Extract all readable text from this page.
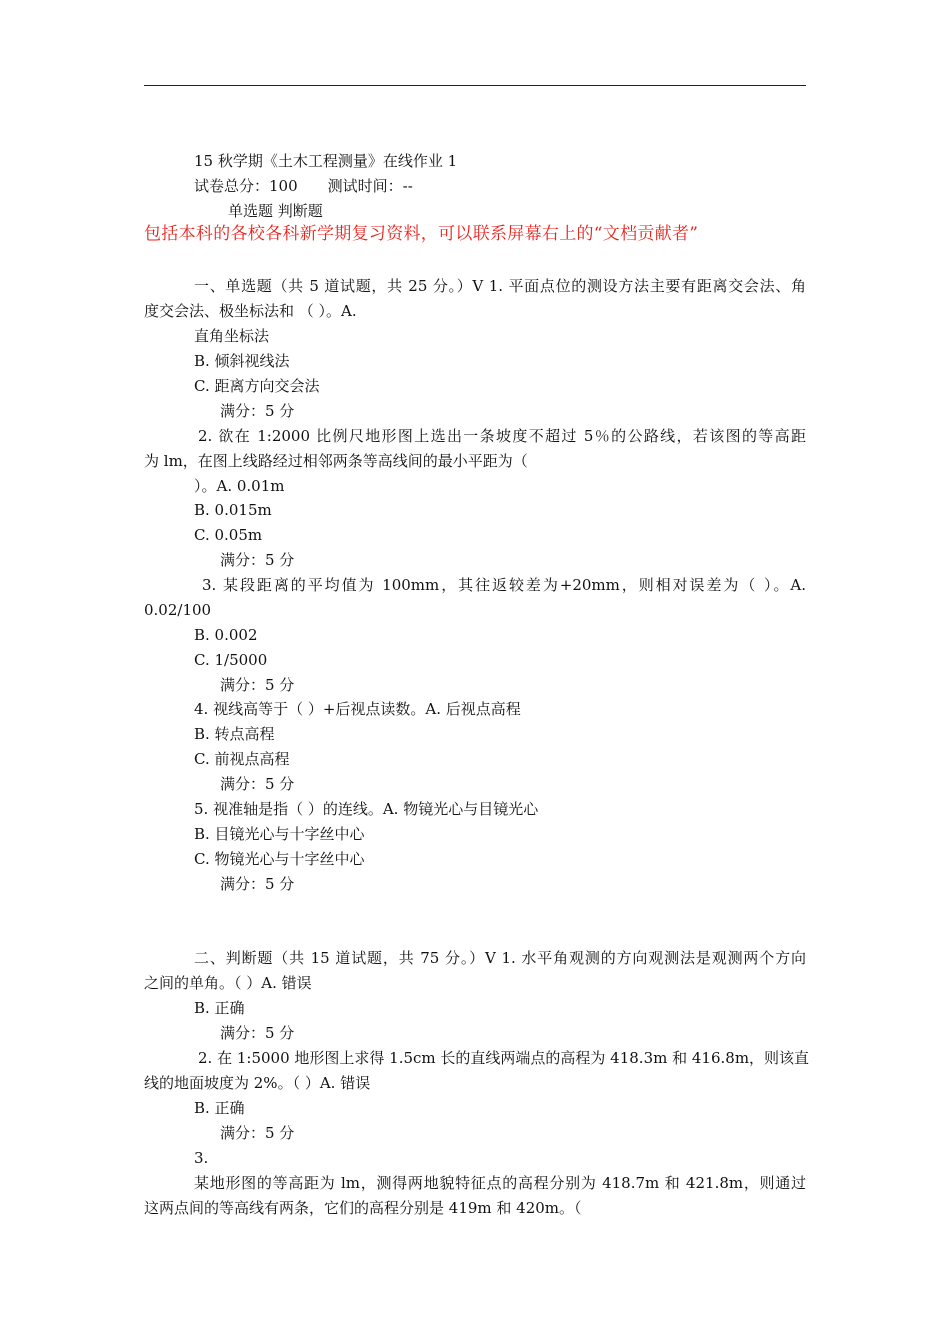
15 秋学期《土木工程测量》在线作业 1
试卷总分：100 测试时间：--
单选题 判断题
包括本科的各校各科新学期复习资料，可以联系屏幕右上的“文档贡献者”
一、单选题（共 5 道试题，共 25 分。）V 1. 平面点位的测设方法主要有距离交会法、角
度交会法、极坐标法和 （ ）。A.
直角坐标法
B. 倾斜视线法
C. 距离方向交会法
满分：5 分
2. 欲在 1:2000 比例尺地形图上选出一条坡度不超过 5％的公路线，若该图的等高距
为 lm，在图上线路经过相邻两条等高线间的最小平距为（
）。A. 0.01m
B. 0.015m
C. 0.05m
满分：5 分
3. 某段距离的平均值为 100mm，其往返较差为+20mm，则相对误差为（ ）。A.
0.02/100
B. 0.002
C. 1/5000
满分：5 分
4. 视线高等于（ ）+后视点读数。A. 后视点高程
B. 转点高程
C. 前视点高程
满分：5 分
5. 视准轴是指（ ）的连线。A. 物镜光心与目镜光心
B. 目镜光心与十字丝中心
C. 物镜光心与十字丝中心
满分：5 分
二、判断题（共 15 道试题，共 75 分。）V 1. 水平角观测的方向观测法是观测两个方向
之间的单角。（ ）A. 错误
B. 正确
满分：5 分
2. 在 1:5000 地形图上求得 1.5cm 长的直线两端点的高程为 418.3m 和 416.8m，则该直
线的地面坡度为 2%。（ ）A. 错误
B. 正确
满分：5 分
3.
某地形图的等高距为 lm，测得两地貌特征点的高程分别为 418.7m 和 421.8m，则通过
这两点间的等高线有两条，它们的高程分别是 419m 和 420m。（
